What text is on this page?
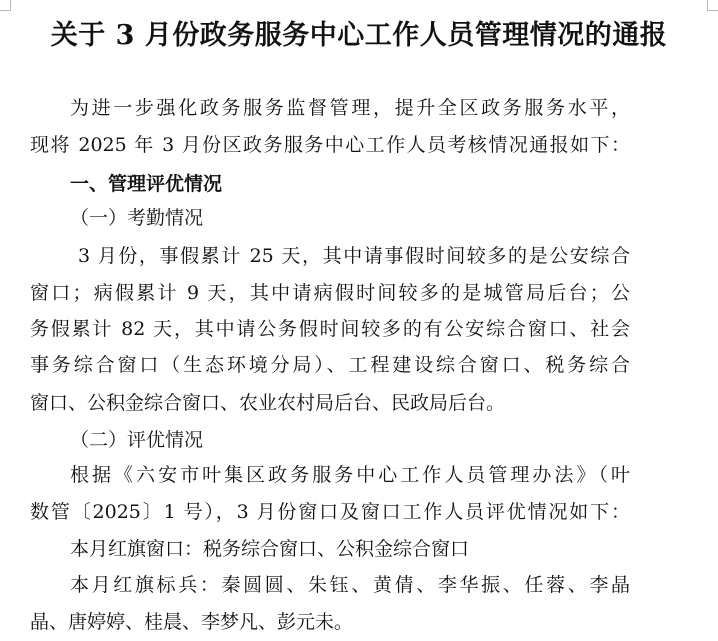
关于 3 月份政务服务中心工作人员管理情况的通报

为进一步强化政务服务监督管理，提升全区政务服务水平，

现将 2025 年 3 月份区政务服务中心工作人员考核情况通报如下：

一、管理评优情况

（一）考勤情况

3 月份，事假累计 25 天，其中请事假时间较多的是公安综合

窗口；病假累计 9 天，其中请病假时间较多的是城管局后台；公

务假累计 82 天，其中请公务假时间较多的有公安综合窗口、社会

事务综合窗口（生态环境分局）、工程建设综合窗口、税务综合

窗口、公积金综合窗口、农业农村局后台、民政局后台。

（二）评优情况

根据《六安市叶集区政务服务中心工作人员管理办法》（叶

数管〔2025〕1 号），3 月份窗口及窗口工作人员评优情况如下：

本月红旗窗口：税务综合窗口、公积金综合窗口

本月红旗标兵：秦圆圆、朱钰、黄倩、李华振、任蓉、李晶

晶、唐婷婷、桂晨、李梦凡、彭元未。
